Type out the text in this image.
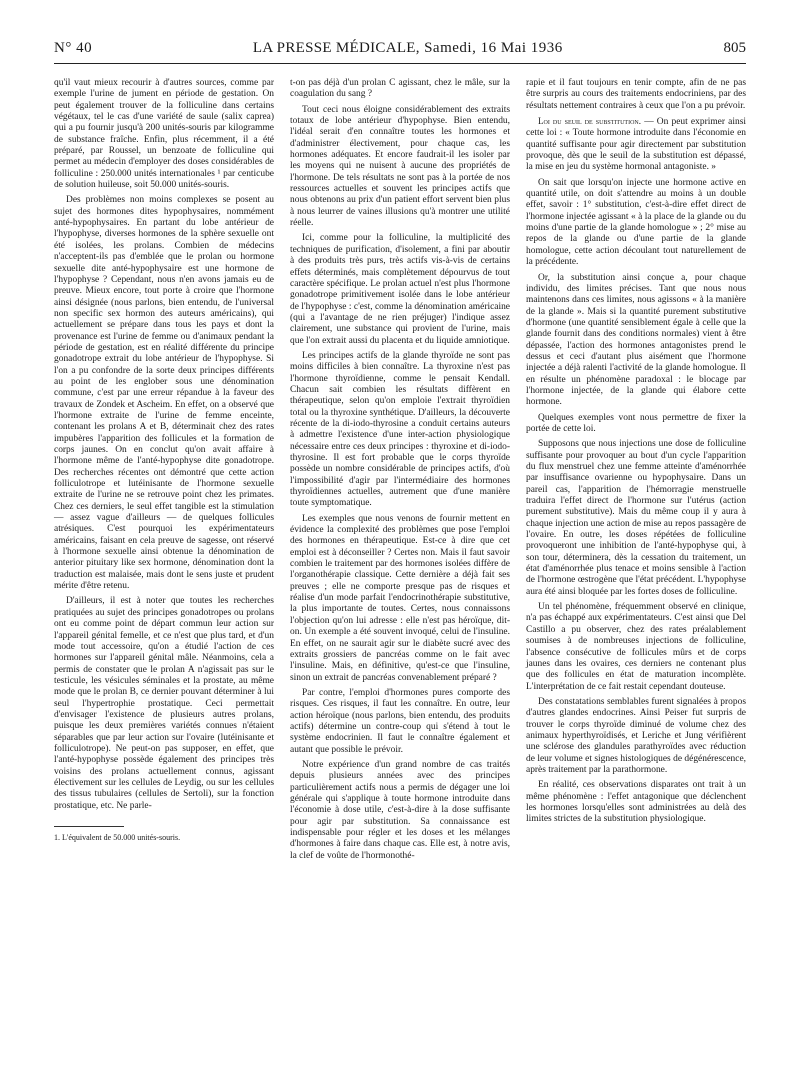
N° 40	LA PRESSE MÉDICALE, Samedi, 16 Mai 1936	805

qu'il vaut mieux recourir à d'autres sources, comme par exemple l'urine de jument en période de gestation. On peut également trouver de la folliculine dans certains végétaux, tel le cas d'une variété de saule (salix caprea) qui a pu fournir jusqu'à 200 unités-souris par kilogramme de substance fraîche. Enfin, plus récemment, il a été préparé, par Roussel, un benzoate de folliculine qui permet au médecin d'employer des doses considérables de folliculine : 250.000 unités internationales ¹ par centicube de solution huileuse, soit 50.000 unités-souris.

Des problèmes non moins complexes se posent au sujet des hormones dites hypophysaires, nommément anté-hypophysaires. En partant du lobe antérieur de l'hypophyse, diverses hormones de la sphère sexuelle ont été isolées, les prolans. Combien de médecins n'acceptent-ils pas d'emblée que le prolan ou hormone sexuelle dite anté-hypophysaire est une hormone de l'hypophyse ? Cependant, nous n'en avons jamais eu de preuve. Mieux encore, tout porte à croire que l'hormone ainsi désignée (nous parlons, bien entendu, de l'universal non specific sex hormon des auteurs américains), qui actuellement se prépare dans tous les pays et dont la provenance est l'urine de femme ou d'animaux pendant la période de gestation, est en réalité différente du principe gonadotrope extrait du lobe antérieur de l'hypophyse. Si l'on a pu confondre de la sorte deux principes différents au point de les englober sous une dénomination commune, c'est par une erreur répandue à la faveur des travaux de Zondek et Ascheim. En effet, on a observé que l'hormone extraite de l'urine de femme enceinte, contenant les prolans A et B, déterminait chez des rates impubères l'apparition des follicules et la formation de corps jaunes. On en conclut qu'on avait affaire à l'hormone même de l'anté-hypophyse dite gonadotrope. Des recherches récentes ont démontré que cette action folliculotrope et lutéinisante de l'hormone sexuelle extraite de l'urine ne se retrouve point chez les primates. Chez ces derniers, le seul effet tangible est la stimulation — assez vague d'ailleurs — de quelques follicules atrésiques. C'est pourquoi les expérimentateurs américains, faisant en cela preuve de sagesse, ont réservé à l'hormone sexuelle ainsi obtenue la dénomination de anterior pituitary like sex hormone, dénomination dont la traduction est malaisée, mais dont le sens juste et prudent mérite d'être retenu.

D'ailleurs, il est à noter que toutes les recherches pratiquées au sujet des principes gonadotropes ou prolans ont eu comme point de départ commun leur action sur l'appareil génital femelle, et ce n'est que plus tard, et d'un mode tout accessoire, qu'on a étudié l'action de ces hormones sur l'appareil génital mâle. Néanmoins, cela a permis de constater que le prolan A n'agissait pas sur le testicule, les vésicules séminales et la prostate, au même mode que le prolan B, ce dernier pouvant déterminer à lui seul l'hypertrophie prostatique. Ceci permettait d'envisager l'existence de plusieurs autres prolans, puisque les deux premières variétés connues n'étaient séparables que par leur action sur l'ovaire (lutéinisante et folliculotrope). Ne peut-on pas supposer, en effet, que l'anté-hypophyse possède également des principes très voisins des prolans actuellement connus, agissant électivement sur les cellules de Leydig, ou sur les cellules des tissus tubulaires (cellules de Sertoli), sur la fonction prostatique, etc. Ne parle-

1. L'équivalent de 50.000 unités-souris.

t-on pas déjà d'un prolan C agissant, chez le mâle, sur la coagulation du sang ?

Tout ceci nous éloigne considérablement des extraits totaux de lobe antérieur d'hypophyse. Bien entendu, l'idéal serait d'en connaître toutes les hormones et d'administrer électivement, pour chaque cas, les hormones adéquates. Et encore faudrait-il les isoler par les moyens qui ne nuisent à aucune des propriétés de l'hormone. De tels résultats ne sont pas à la portée de nos ressources actuelles et souvent les principes actifs que nous obtenons au prix d'un patient effort servent bien plus à nous leurrer de vaines illusions qu'à montrer une utilité réelle.

Ici, comme pour la folliculine, la multiplicité des techniques de purification, d'isolement, a fini par aboutir à des produits très purs, très actifs vis-à-vis de certains effets déterminés, mais complètement dépourvus de tout caractère spécifique. Le prolan actuel n'est plus l'hormone gonadotrope primitivement isolée dans le lobe antérieur de l'hypophyse : c'est, comme la dénomination américaine (qui a l'avantage de ne rien préjuger) l'indique assez clairement, une substance qui provient de l'urine, mais que l'on extrait aussi du placenta et du liquide amniotique.

Les principes actifs de la glande thyroïde ne sont pas moins difficiles à bien connaître. La thyroxine n'est pas l'hormone thyroïdienne, comme le pensait Kendall. Chacun sait combien les résultats diffèrent en thérapeutique, selon qu'on emploie l'extrait thyroïdien total ou la thyroxine synthétique. D'ailleurs, la découverte récente de la di-iodo-thyrosine a conduit certains auteurs à admettre l'existence d'une inter-action physiologique nécessaire entre ces deux principes : thyroxine et di-iodo-thyrosine. Il est fort probable que le corps thyroïde possède un nombre considérable de principes actifs, d'où l'impossibilité d'agir par l'intermédiaire des hormones thyroïdiennes actuelles, autrement que d'une manière toute symptomatique.

Les exemples que nous venons de fournir mettent en évidence la complexité des problèmes que pose l'emploi des hormones en thérapeutique. Est-ce à dire que cet emploi est à déconseiller ? Certes non. Mais il faut savoir combien le traitement par des hormones isolées diffère de l'organothérapie classique. Cette dernière a déjà fait ses preuves ; elle ne comporte presque pas de risques et réalise d'un mode parfait l'endocrinothérapie substitutive, la plus importante de toutes. Certes, nous connaissons l'objection qu'on lui adresse : elle n'est pas héroïque, dit-on. Un exemple a été souvent invoqué, celui de l'insuline. En effet, on ne saurait agir sur le diabète sucré avec des extraits grossiers de pancréas comme on le fait avec l'insuline. Mais, en définitive, qu'est-ce que l'insuline, sinon un extrait de pancréas convenablement préparé ?

Par contre, l'emploi d'hormones pures comporte des risques. Ces risques, il faut les connaître. En outre, leur action héroïque (nous parlons, bien entendu, des produits actifs) détermine un contre-coup qui s'étend à tout le système endocrinien. Il faut le connaître également et autant que possible le prévoir.

Notre expérience d'un grand nombre de cas traités depuis plusieurs années avec des principes particulièrement actifs nous a permis de dégager une loi générale qui s'applique à toute hormone introduite dans l'économie à dose utile, c'est-à-dire à la dose suffisante pour agir par substitution. Sa connaissance est indispensable pour régler et les doses et les mélanges d'hormones à faire dans chaque cas. Elle est, à notre avis, la clef de voûte de l'hormonothé-

rapie et il faut toujours en tenir compte, afin de ne pas être surpris au cours des traitements endocriniens, par des résultats nettement contraires à ceux que l'on a pu prévoir.

Loi du seuil de substitution. — On peut exprimer ainsi cette loi : « Toute hormone introduite dans l'économie en quantité suffisante pour agir directement par substitution provoque, dès que le seuil de la substitution est dépassé, la mise en jeu du système hormonal antagoniste. »

On sait que lorsqu'on injecte une hormone active en quantité utile, on doit s'attendre au moins à un double effet, savoir : 1° substitution, c'est-à-dire effet direct de l'hormone injectée agissant « à la place de la glande ou du moins d'une partie de la glande homologue » ; 2° mise au repos de la glande ou d'une partie de la glande homologue, cette action découlant tout naturellement de la précédente.

Or, la substitution ainsi conçue a, pour chaque individu, des limites précises. Tant que nous nous maintenons dans ces limites, nous agissons « à la manière de la glande ». Mais si la quantité purement substitutive d'hormone (une quantité sensiblement égale à celle que la glande fournit dans des conditions normales) vient à être dépassée, l'action des hormones antagonistes prend le dessus et ceci d'autant plus aisément que l'hormone injectée a déjà ralenti l'activité de la glande homologue. Il en résulte un phénomène paradoxal : le blocage par l'hormone injectée, de la glande qui élabore cette hormone.

Quelques exemples vont nous permettre de fixer la portée de cette loi.

Supposons que nous injections une dose de folliculine suffisante pour provoquer au bout d'un cycle l'apparition du flux menstruel chez une femme atteinte d'aménorrhée par insuffisance ovarienne ou hypophysaire. Dans un pareil cas, l'apparition de l'hémorragie menstruelle traduira l'effet direct de l'hormone sur l'utérus (action purement substitutive). Mais du même coup il y aura à chaque injection une action de mise au repos passagère de l'ovaire. En outre, les doses répétées de folliculine provoqueront une inhibition de l'anté-hypophyse qui, à son tour, déterminera, dès la cessation du traitement, un état d'aménorrhée plus tenace et moins sensible à l'action de l'hormone œstrogène que l'état précédent. L'hypophyse aura été ainsi bloquée par les fortes doses de folliculine.

Un tel phénomène, fréquemment observé en clinique, n'a pas échappé aux expérimentateurs. C'est ainsi que Del Castillo a pu observer, chez des rates préalablement soumises à de nombreuses injections de folliculine, l'absence consécutive de follicules mûrs et de corps jaunes dans les ovaires, ces derniers ne contenant plus que des follicules en état de maturation incomplète. L'interprétation de ce fait restait cependant douteuse.

Des constatations semblables furent signalées à propos d'autres glandes endocrines. Ainsi Peiser fut surpris de trouver le corps thyroïde diminué de volume chez des animaux hyperthyroïdisés, et Leriche et Jung vérifièrent une sclérose des glandules parathyroïdes avec réduction de leur volume et signes histologiques de dégénérescence, après traitement par la parathormone.

En réalité, ces observations disparates ont trait à un même phénomène : l'effet antagonique que déclenchent les hormones lorsqu'elles sont administrées au delà des limites strictes de la substitution physiologique.
